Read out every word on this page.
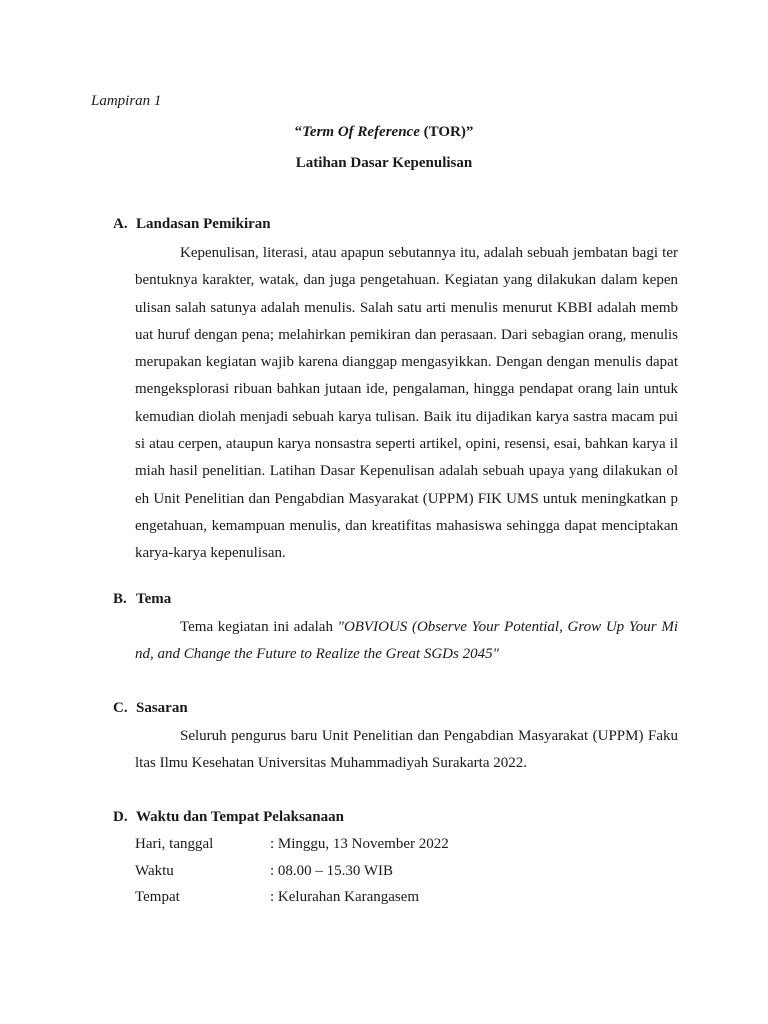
Lampiran 1
“Term Of Reference (TOR)”
Latihan Dasar Kepenulisan
A. Landasan Pemikiran
Kepenulisan, literasi, atau apapun sebutannya itu, adalah sebuah jembatan bagi ter
bentuknya karakter, watak, dan juga pengetahuan. Kegiatan yang dilakukan dalam kepen
ulisan salah satunya adalah menulis. Salah satu arti menulis menurut KBBI adalah memb
uat huruf dengan pena; melahirkan pemikiran dan perasaan. Dari sebagian orang, menulis
merupakan kegiatan wajib karena dianggap mengasyikkan. Dengan dengan menulis dapat
mengeksplorasi ribuan bahkan jutaan ide, pengalaman, hingga pendapat orang lain untuk
kemudian diolah menjadi sebuah karya tulisan. Baik itu dijadikan karya sastra macam pui
si atau cerpen, ataupun karya nonsastra seperti artikel, opini, resensi, esai, bahkan karya il
miah hasil penelitian. Latihan Dasar Kepenulisan adalah sebuah upaya yang dilakukan ol
eh Unit Penelitian dan Pengabdian Masyarakat (UPPM) FIK UMS untuk meningkatkan p
engetahuan, kemampuan menulis, dan kreatifitas mahasiswa sehingga dapat menciptakan
karya-karya kepenulisan.
B. Tema
Tema kegiatan ini adalah "OBVIOUS (Observe Your Potential, Grow Up Your Mi
nd, and Change the Future to Realize the Great SGDs 2045"
C. Sasaran
Seluruh pengurus baru Unit Penelitian dan Pengabdian Masyarakat (UPPM) Faku
ltas Ilmu Kesehatan Universitas Muhammadiyah Surakarta 2022.
D. Waktu dan Tempat Pelaksanaan
Hari, tanggal	: Minggu, 13 November 2022
Waktu	: 08.00 – 15.30 WIB
Tempat	: Kelurahan Karangasem
